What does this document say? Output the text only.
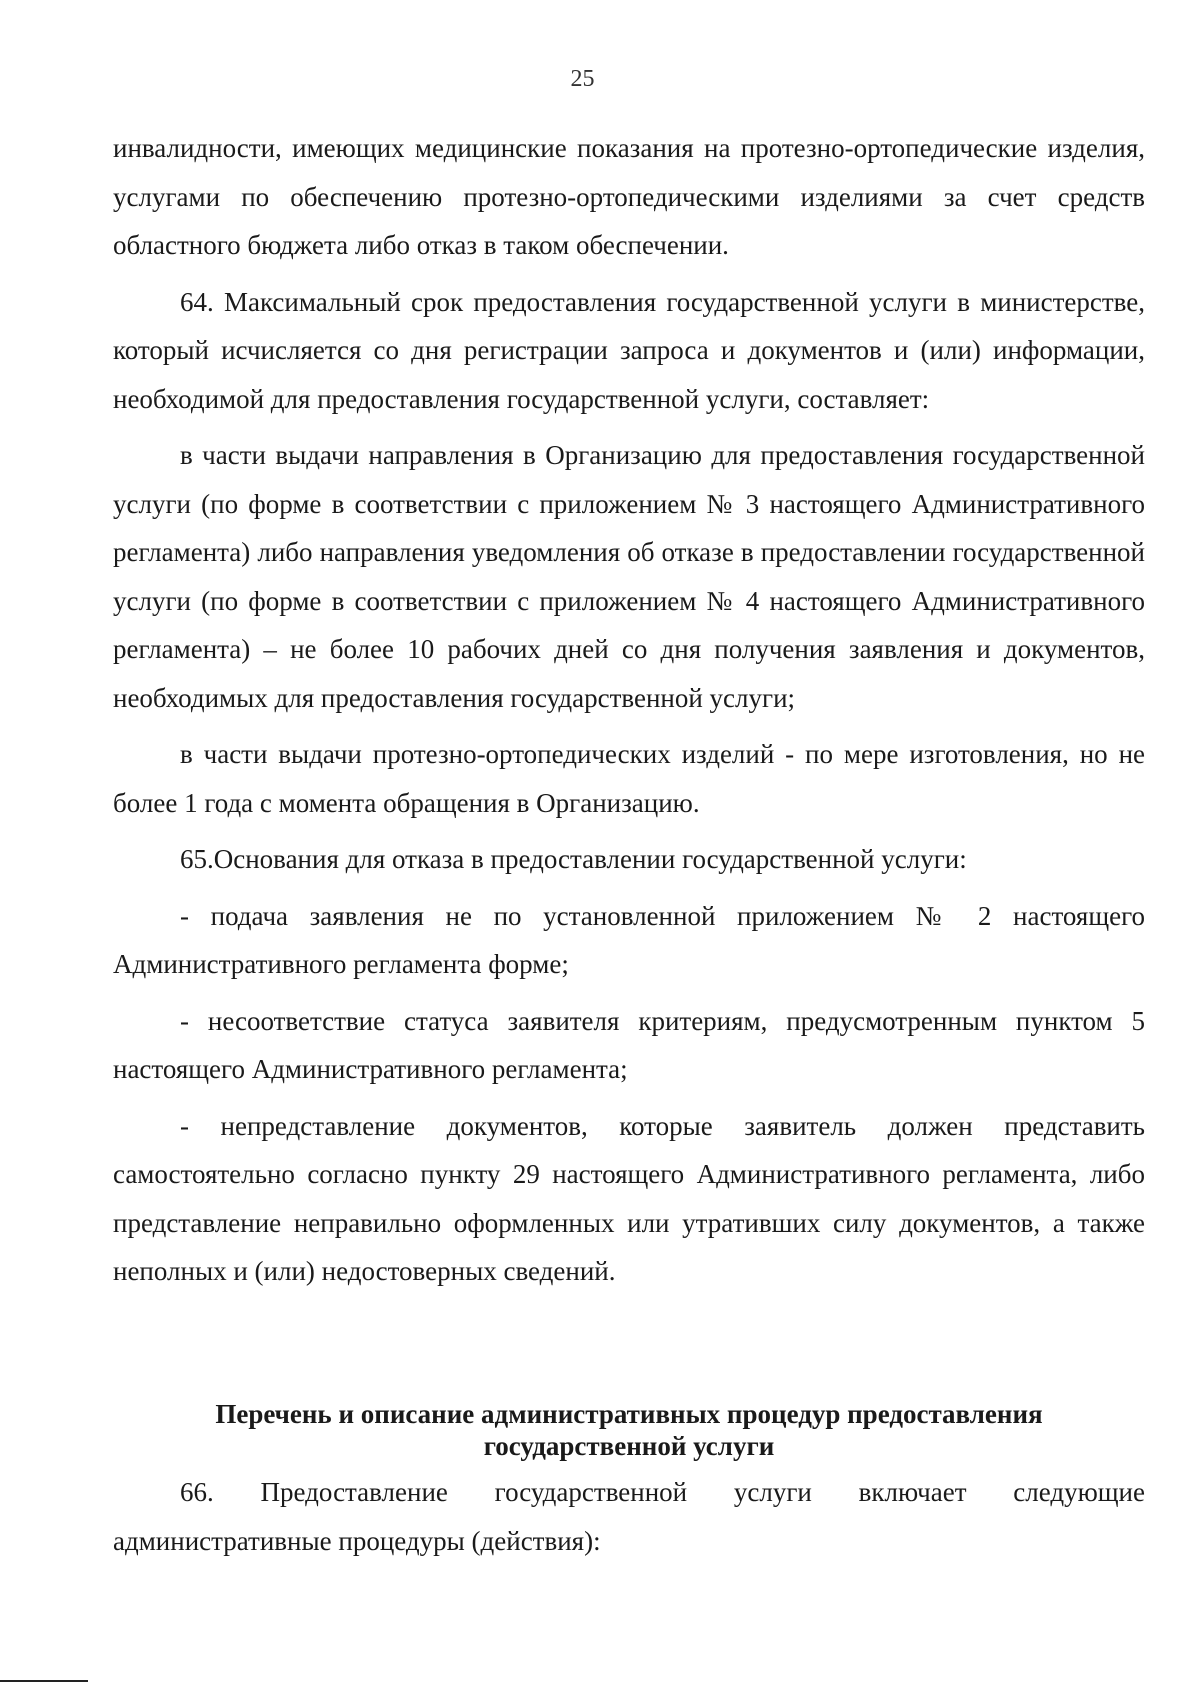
25

инвалидности, имеющих медицинские показания на протезно-ортопедические изделия, услугами по обеспечению протезно-ортопедическими изделиями за счет средств областного бюджета либо отказ в таком обеспечении.

64. Максимальный срок предоставления государственной услуги в министерстве, который исчисляется со дня регистрации запроса и документов и (или) информации, необходимой для предоставления государственной услуги, составляет:

в части выдачи направления в Организацию для предоставления государственной услуги (по форме в соответствии с приложением № 3 настоящего Административного регламента) либо направления уведомления об отказе в предоставлении государственной услуги (по форме в соответствии с приложением № 4 настоящего Административного регламента) – не более 10 рабочих дней со дня получения заявления и документов, необходимых для предоставления государственной услуги;

в части выдачи протезно-ортопедических изделий - по мере изготовления, но не более 1 года с момента обращения в Организацию.

65.Основания для отказа в предоставлении государственной услуги:

- подача заявления не по установленной приложением № 2 настоящего Административного регламента форме;

- несоответствие статуса заявителя критериям, предусмотренным пунктом 5 настоящего Административного регламента;

- непредставление документов, которые заявитель должен представить самостоятельно согласно пункту 29 настоящего Административного регламента, либо представление неправильно оформленных или утративших силу документов, а также неполных и (или) недостоверных сведений.

Перечень и описание административных процедур предоставления
государственной услуги

66. Предоставление государственной услуги включает следующие административные процедуры (действия):
